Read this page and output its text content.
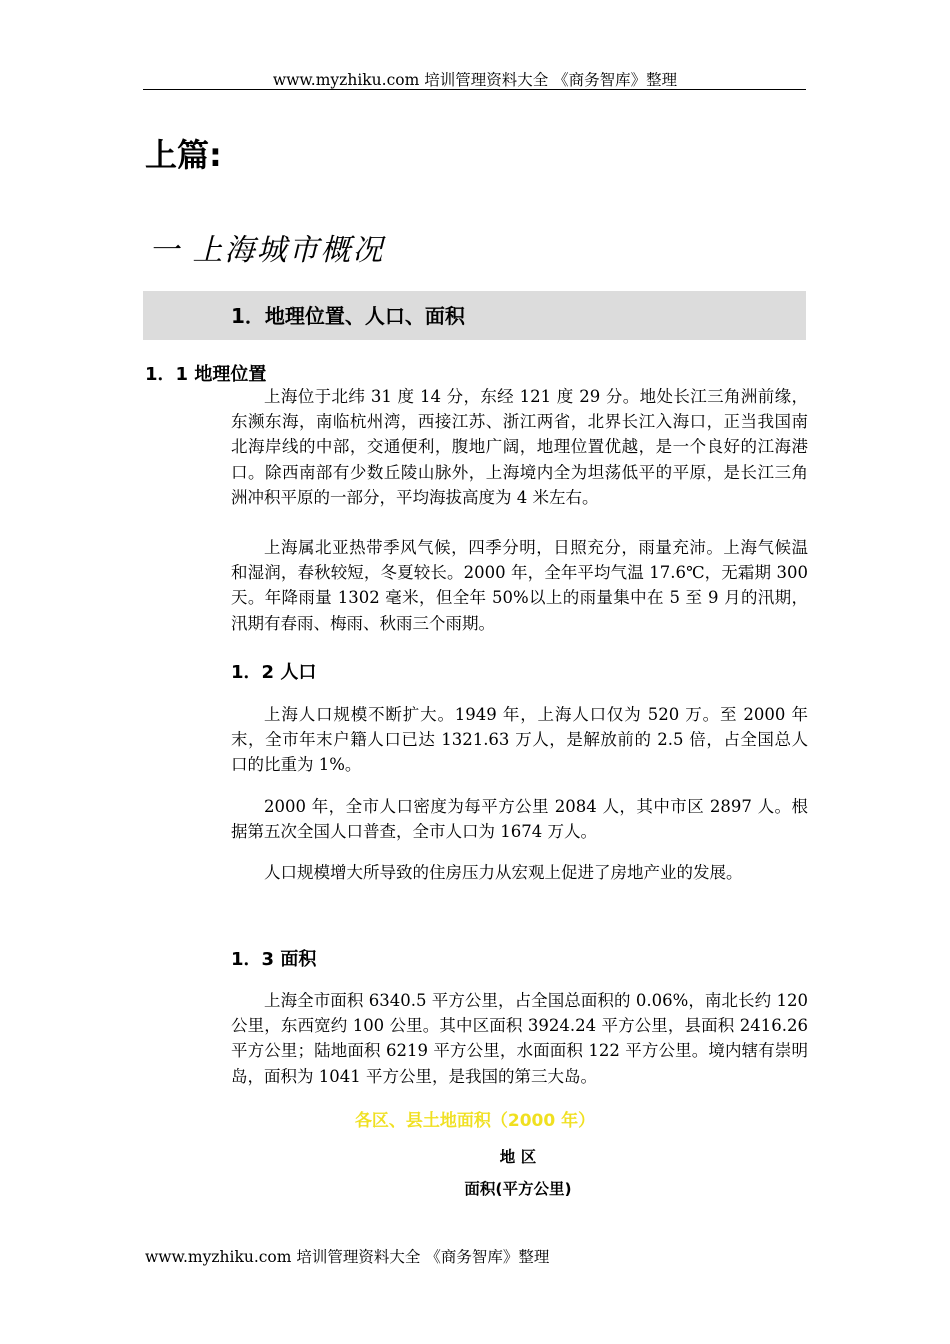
www.myzhiku.com 培训管理资料大全 《商务智库》整理
上篇:
一 上海城市概况
1．地理位置、人口、面积
1．1 地理位置
上海位于北纬 31 度 14 分，东经 121 度 29 分。地处长江三角洲前缘，东濒东海，南临杭州湾，西接江苏、浙江两省，北界长江入海口，正当我国南北海岸线的中部，交通便利，腹地广阔，地理位置优越，是一个良好的江海港口。除西南部有少数丘陵山脉外，上海境内全为坦荡低平的平原，是长江三角洲冲积平原的一部分，平均海拔高度为 4 米左右。
上海属北亚热带季风气候，四季分明，日照充分，雨量充沛。上海气候温和湿润，春秋较短，冬夏较长。2000 年，全年平均气温 17.6℃，无霜期 300 天。年降雨量 1302 毫米，但全年 50%以上的雨量集中在 5 至 9 月的汛期，汛期有春雨、梅雨、秋雨三个雨期。
1．2 人口
上海人口规模不断扩大。1949 年，上海人口仅为 520 万。至 2000 年末，全市年末户籍人口已达 1321.63 万人，是解放前的 2.5 倍，占全国总人口的比重为 1%。
2000 年，全市人口密度为每平方公里 2084 人，其中市区 2897 人。根据第五次全国人口普查，全市人口为 1674 万人。
人口规模增大所导致的住房压力从宏观上促进了房地产业的发展。
1．3 面积
上海全市面积 6340.5 平方公里，占全国总面积的 0.06%，南北长约 120 公里，东西宽约 100 公里。其中区面积 3924.24 平方公里，县面积 2416.26 平方公里；陆地面积 6219 平方公里，水面面积 122 平方公里。境内辖有崇明岛，面积为 1041 平方公里，是我国的第三大岛。
各区、县土地面积（2000 年）
地 区
面积(平方公里)
www.myzhiku.com 培训管理资料大全 《商务智库》整理
